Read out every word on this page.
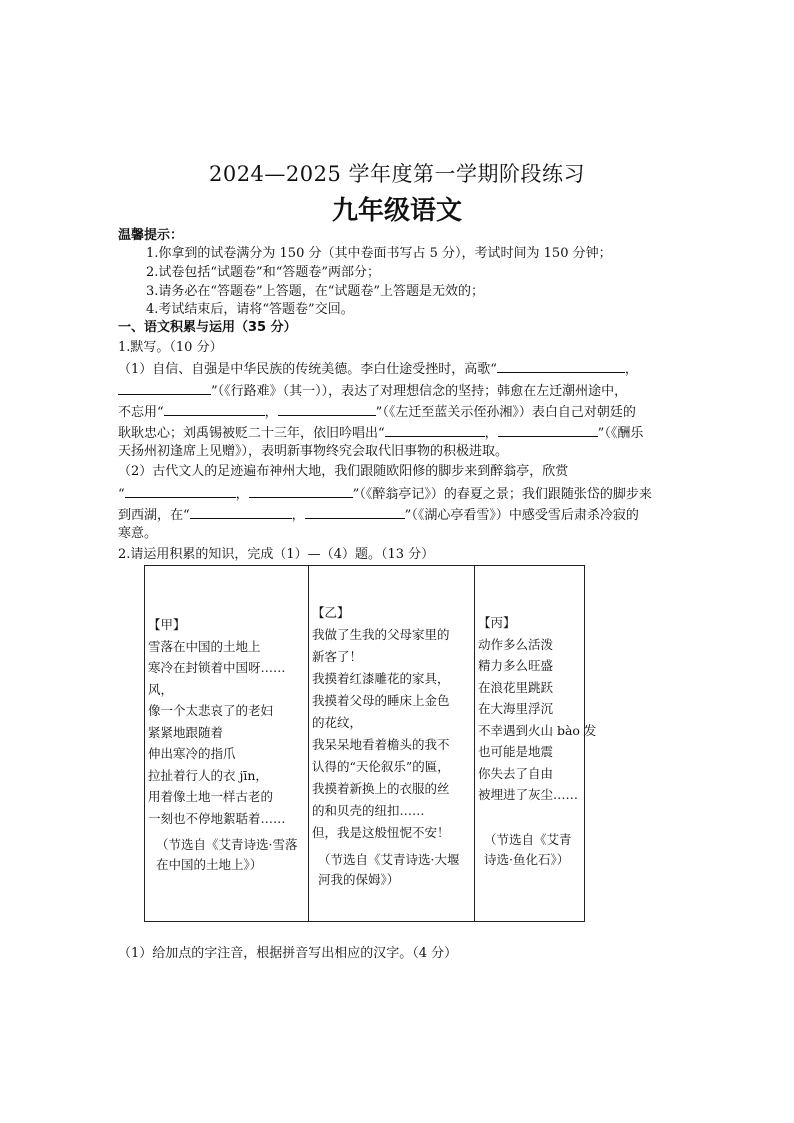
2024—2025 学年度第一学期阶段练习
九年级语文
温馨提示：
1.你拿到的试卷满分为 150 分（其中卷面书写占 5 分），考试时间为 150 分钟；
2.试卷包括“试题卷”和“答题卷”两部分；
3.请务必在“答题卷”上答题，在“试题卷”上答题是无效的；
4.考试结束后，请将“答题卷”交回。
一、语文积累与运用（35 分）
1.默写。（10 分）
（1）自信、自强是中华民族的传统美德。李白仕途受挫时，高歌“	，
”（《行路难》（其一）），表达了对理想信念的坚持；韩愈在左迁潮州途中，
不忘用“	，	”（《左迁至蓝关示侄孙湘》）表白自己对朝廷的
耿耿忠心；刘禹锡被贬二十三年，依旧吟唱出“	，	”（《酬乐
天扬州初逢席上见赠》），表明新事物终究会取代旧事物的积极进取。
（2）古代文人的足迹遍布神州大地，我们跟随欧阳修的脚步来到醉翁亭，欣赏
“	，	”（《醉翁亭记》）的春夏之景；我们跟随张岱的脚步来
到西湖，在“	，	”（《湖心亭看雪》）中感受雪后肃杀冷寂的
寒意。
2.请运用积累的知识，完成（1）—（4）题。（13 分）
【甲】
雪落在中国的土地上
寒冷在封锁着中国呀……
风，
像一个太悲哀了的老妇
紧紧地跟随着
伸出寒冷的指爪
拉扯着行人的衣 jīn，
用着像土地一样古老的
一刻也不停地絮聒着……
（节选自《艾青诗选·雪落在中国的土地上》）

【乙】
我做了生我的父母家里的
新客了！
我摸着红漆雕花的家具，
我摸着父母的睡床上金色
的花纹，
我呆呆地看着檐头的我不
认得的“天伦叙乐”的匾，
我摸着新换上的衣服的丝
的和贝壳的纽扣……
但，我是这般忸怩不安！
（节选自《艾青诗选·大堰河我的保姆》）

【丙】
动作多么活泼
精力多么旺盛
在浪花里跳跃
在大海里浮沉
不幸遇到火山 bào 发
也可能是地震
你失去了自由
被埋进了灰尘……
（节选自《艾青诗选·鱼化石》）
（1）给加点的字注音，根据拼音写出相应的汉字。（4 分）
